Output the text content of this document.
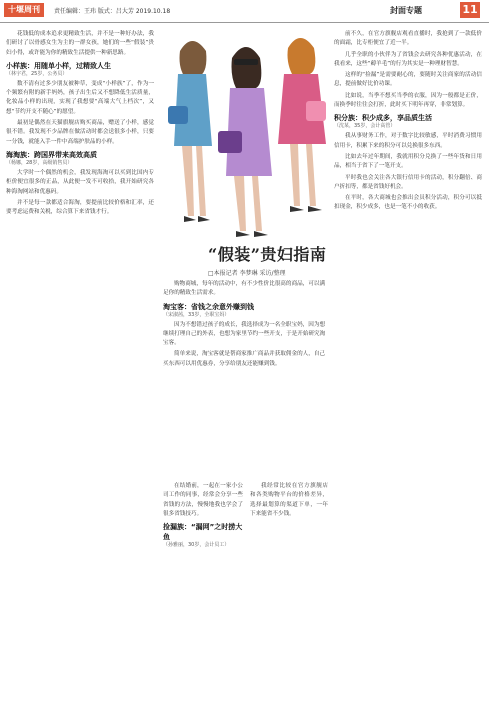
十堰周刊	责任编辑：王玮 版式：吕大芳 2019.10.18	封面专题	11

花钱低的成本追求更精致生活，并不是一种好办法，我们研讨了以骨感女生为主的一群女孩，她们的一些“假装”贵妇小得，或许能为你的精致生活提供一种新思路。

小样族：用随单小样，过精致人生
（林宇君，25岁，公务员）

数不清有过多少朋友被种草，变成“小样族”了，作为一个频繁有附的新手妈妈，孩子出生后又不想降低生活质量，化妆品小样的出现，实现了我想要“高端大气上档次”，又想“节约开支不随心”的愿望。

最初是偶然在天猫旗舰店购买商品，赠送了小样，感觉很不错。我发现不少品牌在做活动时都会送很多小样，只要一分钱，就能入手一件中高端护肤品的小样。

海淘族：跨国界带来高效高质
（杨娜，28岁，高级销售员）

大学时一个偶然的机会，我发现海淘可以买到比国内专柜价便宜很多的正品，从此便一发不可收拾，我开始研究各种海淘网站和优惠码。

并不是每一款都适合海淘，要提前比较价格和汇率，还要考虑运费和关税，综合算下来省钱才行。

“假装”贵妇指南
□本报记者 李梦琳 采访/整理

购物商城，每年的活动中，有不少性价比很高的商品，可以满足你的精致生活需求。

淘宝客：省钱之余意外赚到钱
（宋淑茜，33岁，全职宝妈）

因为不想错过孩子的成长，我选择成为一名全职宝妈，因为想继续打理自己的外表，也想为家里节约一些开支，于是开始研究淘宝客。

简单来说，淘宝客就是帮商家推广商品并获取佣金的人，自己买东西可以用优惠券，分享给朋友还能赚到钱。

在结婚前，一起在一家小公司工作的同事，经常会分享一些省钱的方法，慢慢地我也学会了很多省钱技巧。

捡漏族：“漏网”之时捞大鱼
（孙雅丽，30岁，会计员工）

我经常比较在官方旗舰店和各类购物平台的价格差异，选择最划算的渠道下单，一年下来能省不少钱。

前不久，在官方旗舰店观看直播时，我抢到了一款低价的面霜，比专柜便宜了近一半。

几乎全职的小伙伴为了省钱会去研究各种优惠活动，在我看来，这些“薅羊毛”的行为其实是一种理财智慧。

这样的“捡漏”是需要耐心的，要随时关注商家的活动信息，提前做好比价功课。

比如说，当季不想买当季的衣服，因为一般都是正价，而换季时往往会打折，此时买下明年再穿，非常划算。

积分族：积少成多，享品质生活
（沈某，35岁，会计高管）

我从事财务工作，对于数字比较敏感，平时消费习惯用信用卡，积累下来的积分可以兑换很多东西。

比如去年过年期间，我就用积分兑换了一些年货和日用品，相当于省下了一笔开支。

平时我也会关注各大银行信用卡的活动，积分翻倍、商户折扣等，都是省钱好机会。

在平时，各大商城也会推出会员积分活动，积分可以抵扣现金，积少成多，也是一笔不小的收获。
